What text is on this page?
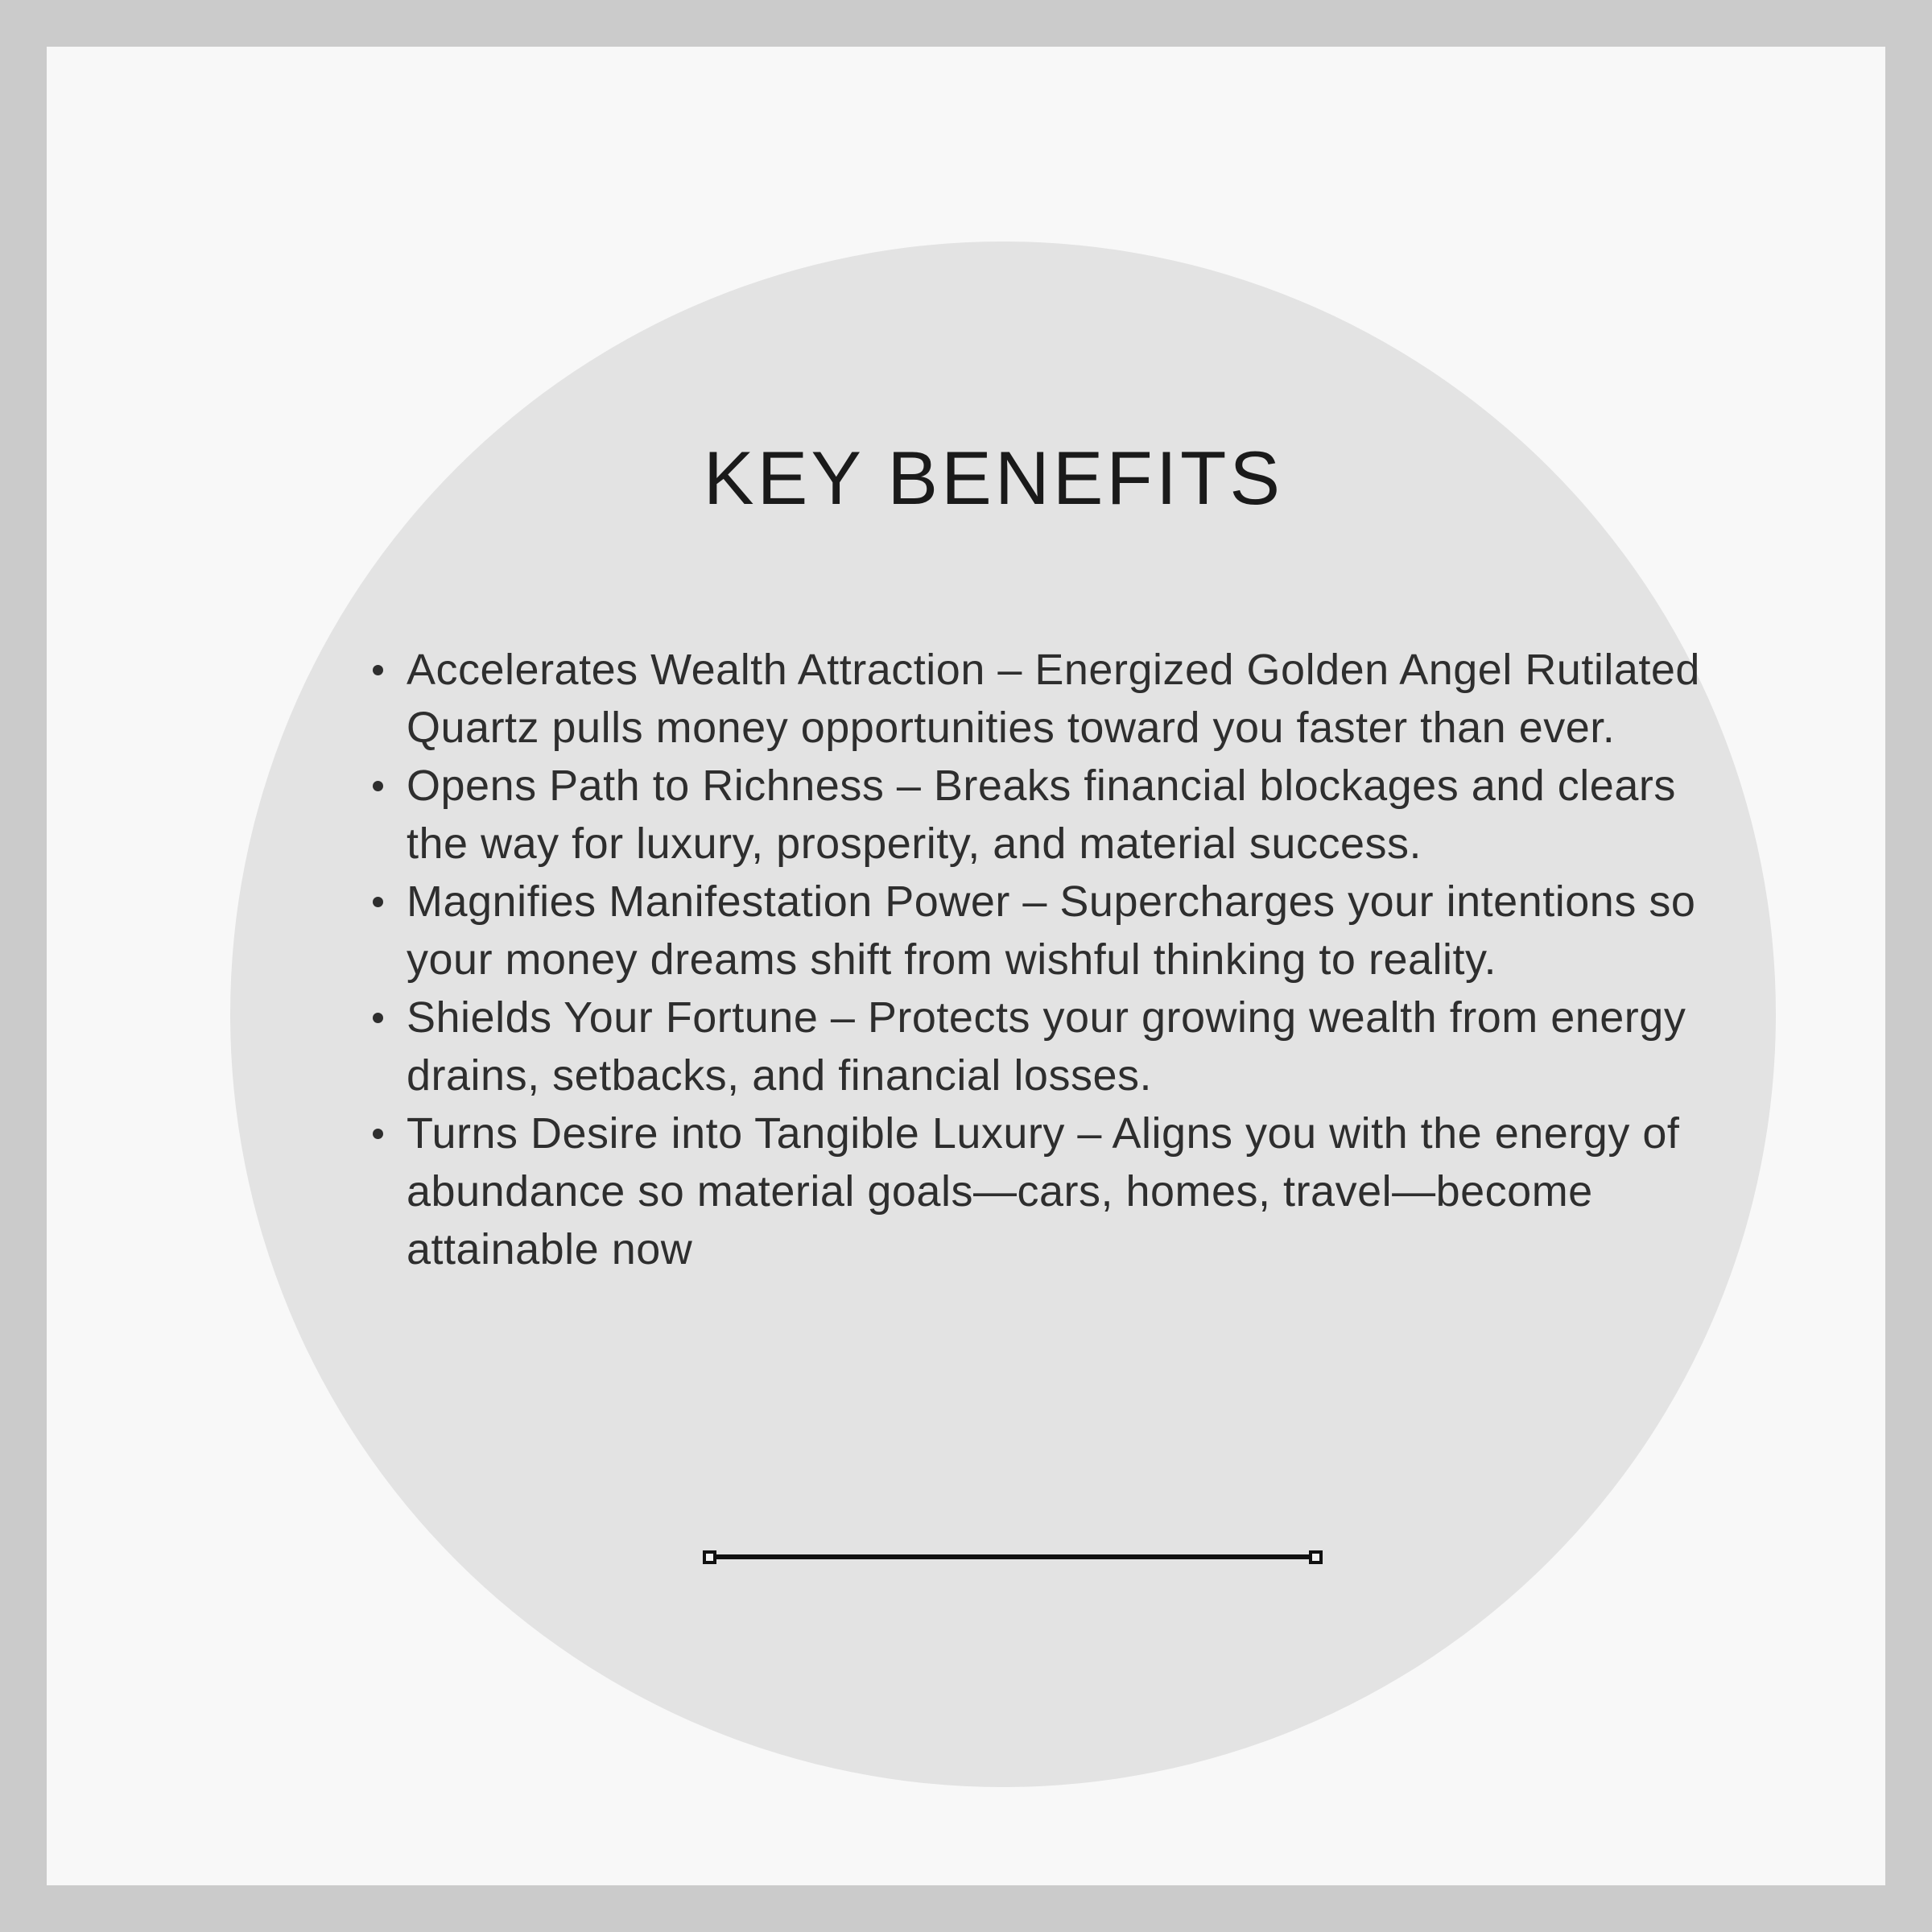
KEY BENEFITS
Accelerates Wealth Attraction – Energized Golden Angel Rutilated Quartz pulls money opportunities toward you faster than ever.
Opens Path to Richness – Breaks financial blockages and clears the way for luxury, prosperity, and material success.
Magnifies Manifestation Power – Supercharges your intentions so your money dreams shift from wishful thinking to reality.
Shields Your Fortune – Protects your growing wealth from energy drains, setbacks, and financial losses.
Turns Desire into Tangible Luxury – Aligns you with the energy of abundance so material goals—cars, homes, travel—become attainable now
